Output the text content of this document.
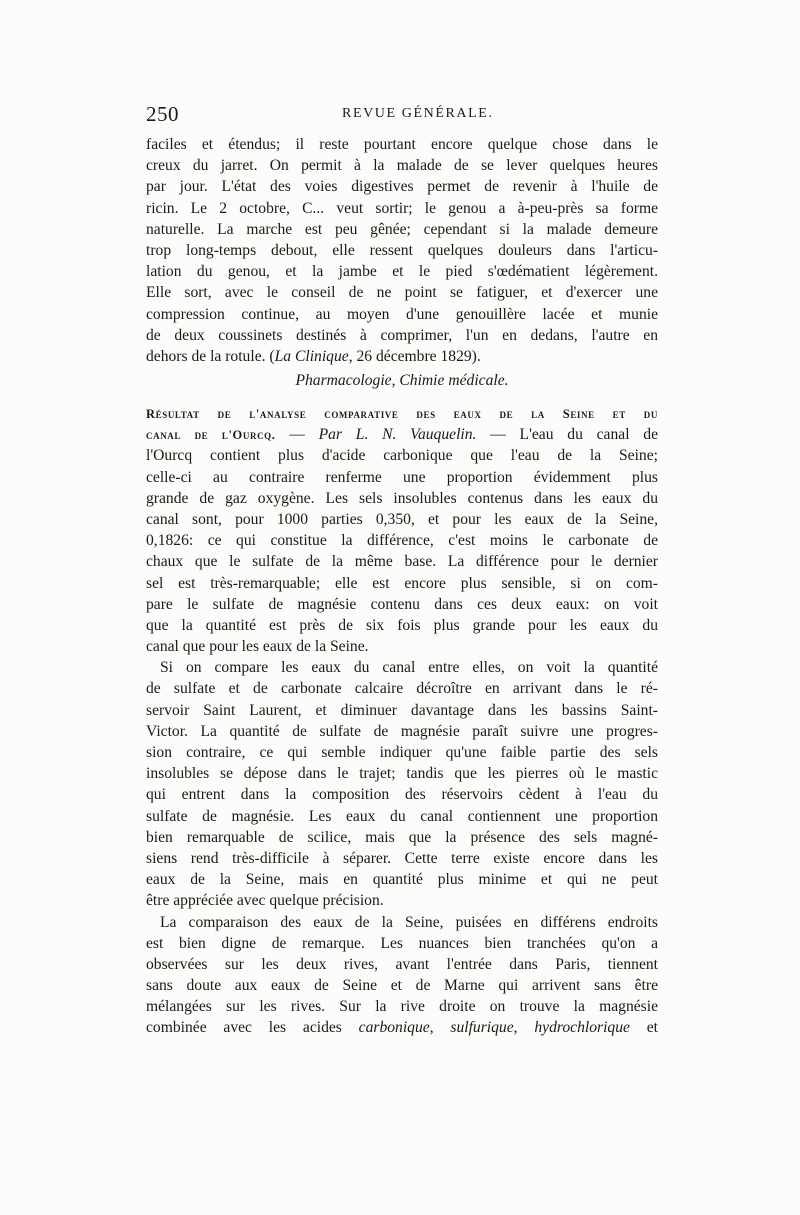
250	REVUE GÉNÉRALE.
faciles et étendus; il reste pourtant encore quelque chose dans le
creux du jarret. On permit à la malade de se lever quelques heures
par jour. L'état des voies digestives permet de revenir à l'huile de
ricin. Le 2 octobre, C... veut sortir; le genou a à-peu-près sa forme
naturelle. La marche est peu gênée; cependant si la malade demeure
trop long-temps debout, elle ressent quelques douleurs dans l'articu-
lation du genou, et la jambe et le pied s'œdématient légèrement.
Elle sort, avec le conseil de ne point se fatiguer, et d'exercer une
compression continue, au moyen d'une genouillère lacée et munie
de deux coussinets destinés à comprimer, l'un en dedans, l'autre en
dehors de la rotule. (La Clinique, 26 décembre 1829).
Pharmacologie, Chimie médicale.
Résultat de l'analyse comparative des eaux de la Seine et du
canal de l'Ourcq. — Par L. N. Vauquelin. — L'eau du canal de
l'Ourcq contient plus d'acide carbonique que l'eau de la Seine;
celle-ci au contraire renferme une proportion évidemment plus
grande de gaz oxygène. Les sels insolubles contenus dans les eaux du
canal sont, pour 1000 parties 0,350, et pour les eaux de la Seine,
0,1826: ce qui constitue la différence, c'est moins le carbonate de
chaux que le sulfate de la même base. La différence pour le dernier
sel est très-remarquable; elle est encore plus sensible, si on com-
pare le sulfate de magnésie contenu dans ces deux eaux: on voit
que la quantité est près de six fois plus grande pour les eaux du
canal que pour les eaux de la Seine.
Si on compare les eaux du canal entre elles, on voit la quantité
de sulfate et de carbonate calcaire décroître en arrivant dans le ré-
servoir Saint Laurent, et diminuer davantage dans les bassins Saint-
Victor. La quantité de sulfate de magnésie paraît suivre une progres-
sion contraire, ce qui semble indiquer qu'une faible partie des sels
insolubles se dépose dans le trajet; tandis que les pierres où le mastic
qui entrent dans la composition des réservoirs cèdent à l'eau du
sulfate de magnésie. Les eaux du canal contiennent une proportion
bien remarquable de scilice, mais que la présence des sels magné-
siens rend très-difficile à séparer. Cette terre existe encore dans les
eaux de la Seine, mais en quantité plus minime et qui ne peut
être appréciée avec quelque précision.
La comparaison des eaux de la Seine, puisées en différens endroits
est bien digne de remarque. Les nuances bien tranchées qu'on a
observées sur les deux rives, avant l'entrée dans Paris, tiennent
sans doute aux eaux de Seine et de Marne qui arrivent sans être
mélangées sur les rives. Sur la rive droite on trouve la magnésie
combinée avec les acides carbonique, sulfurique, hydrochlorique et
